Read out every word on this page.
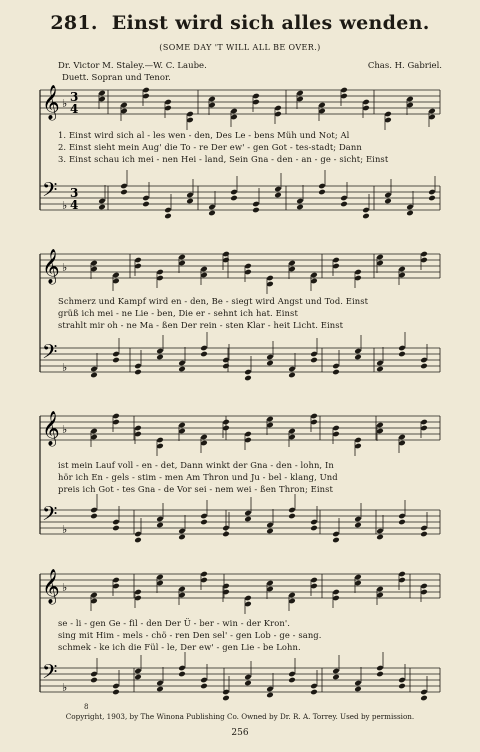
281. Einst wird sich alles wenden.
(SOME DAY 'T WILL ALL BE OVER.)
Dr. Victor M. Staley.—W. C. Laube.	Chas. H. Gabriel.
Duett. Sopran und Tenor.
𝄞 ♭ 3
4
𝄢 ♭
3
4
1. Einst wird sich al - les wen - den, Des Le - bens Müh und Not; Al
2. Einst sieht mein Aug' die To - re Der ew' - gen Got - tes-stadt; Dann
3. Einst schau ich mei - nen Hei - land, Sein Gna - den - an - ge - sicht; Einst
𝄞 ♭
𝄢 ♭
Schmerz und Kampf wird en - den, Be - siegt wird Angst und Tod. Einst
grüß ich mei - ne Lie - ben, Die er - sehnt ich hat. Einst
strahlt mir oh - ne Ma - ßen Der rein - sten Klar - heit Licht. Einst
𝄞 ♭
𝄢 ♭
ist mein Lauf voll - en - det, Dann winkt der Gna - den - lohn, In
hör ich En - gels - stim - men Am Thron und Ju - bel - klang, Und
preis ich Got - tes Gna - de Vor sei - nem wei - ßen Thron; Einst
𝄞 ♭
𝄢 ♭
se - li - gen Ge - fil - den Der Ü - ber - win - der Kron'.
sing mit Him - mels - chö - ren Den sel' - gen Lob - ge - sang.
schmek - ke ich die Fül - le, Der ew' - gen Lie - be Lohn.
8
Copyright, 1903, by The Winona Publishing Co. Owned by Dr. R. A. Torrey. Used by permission.
256
